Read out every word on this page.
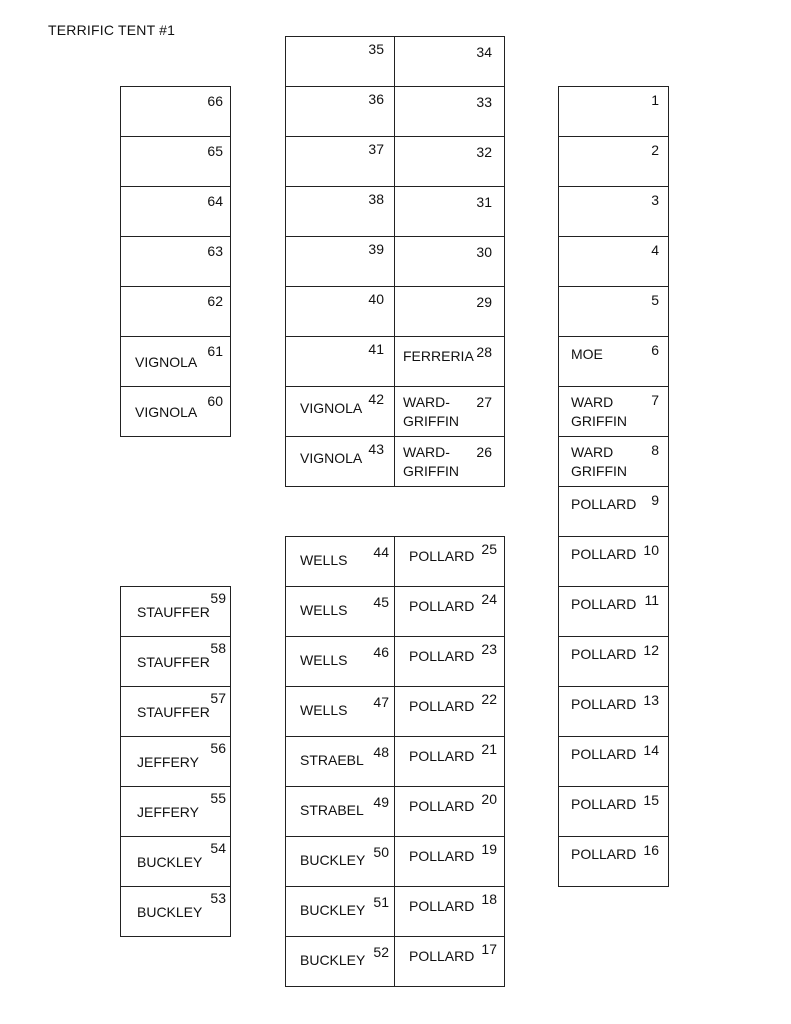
TERRIFIC TENT #1
66
65
64
63
62
61
VIGNOLA
60
VIGNOLA
35
36
37
38
39
40
41
42
VIGNOLA
43
VIGNOLA
34
33
32
31
30
29
28
FERRERIA
27
WARD-
GRIFFIN
26
WARD-
GRIFFIN
1
2
3
4
5
6
MOE
7
WARD
GRIFFIN
8
WARD
GRIFFIN
9
POLLARD
10
POLLARD
11
POLLARD
12
POLLARD
13
POLLARD
14
POLLARD
15
POLLARD
16
POLLARD
59
STAUFFER
58
STAUFFER
57
STAUFFER
56
JEFFERY
55
JEFFERY
54
BUCKLEY
53
BUCKLEY
44
WELLS
45
WELLS
46
WELLS
47
WELLS
48
STRAEBL
49
STRABEL
50
BUCKLEY
51
BUCKLEY
52
BUCKLEY
25
POLLARD
24
POLLARD
23
POLLARD
22
POLLARD
21
POLLARD
20
POLLARD
19
POLLARD
18
POLLARD
17
POLLARD
